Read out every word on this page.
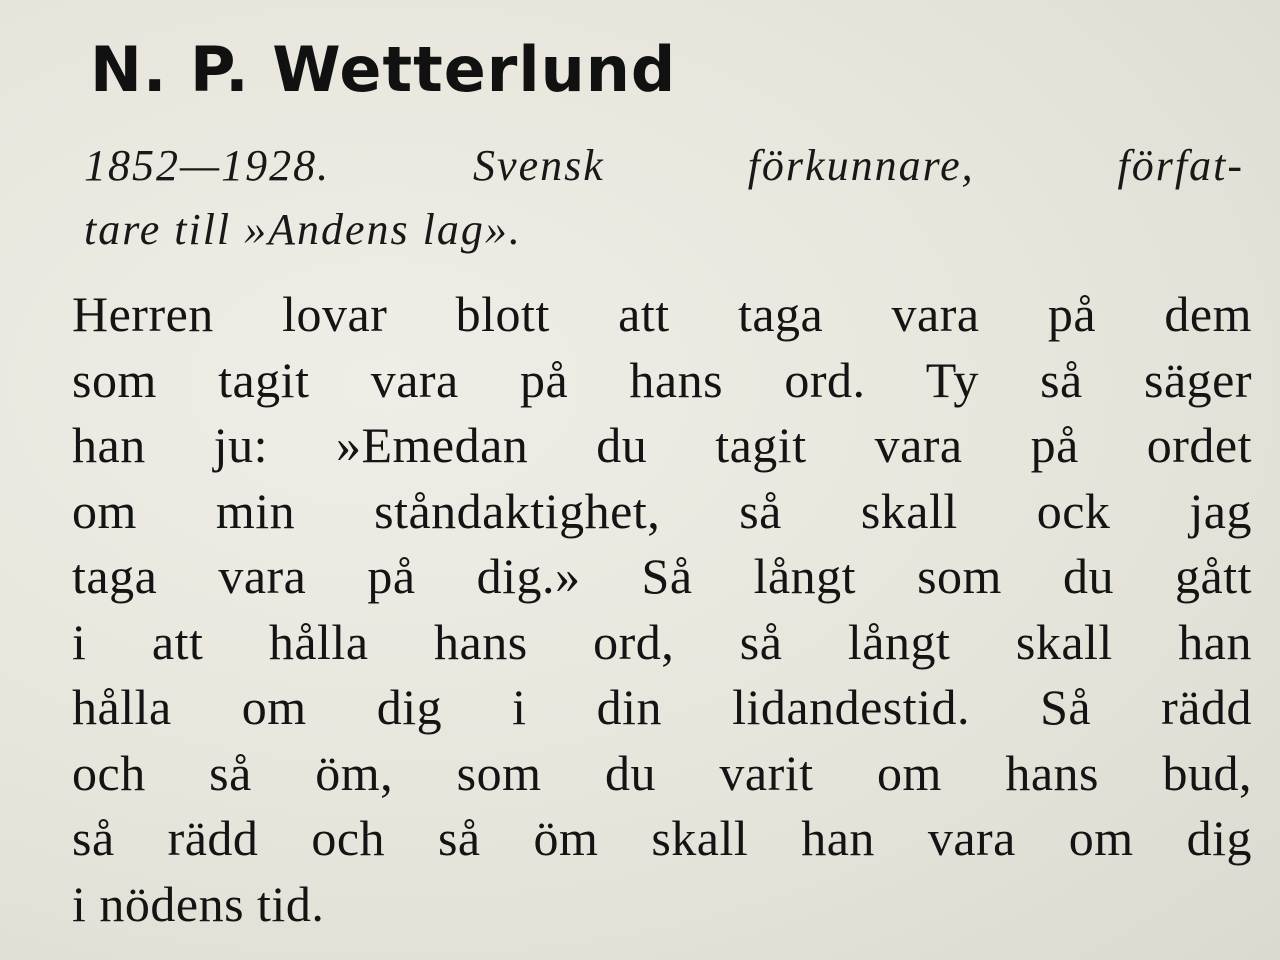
N. P. Wetterlund

1852—1928. Svensk förkunnare, förfat-
tare till »Andens lag».

Herren lovar blott att taga vara på dem
som tagit vara på hans ord. Ty så säger
han ju: »Emedan du tagit vara på ordet
om min ståndaktighet, så skall ock jag
taga vara på dig.» Så långt som du gått
i att hålla hans ord, så långt skall han
hålla om dig i din lidandestid. Så rädd
och så öm, som du varit om hans bud,
så rädd och så öm skall han vara om dig
i nödens tid.
